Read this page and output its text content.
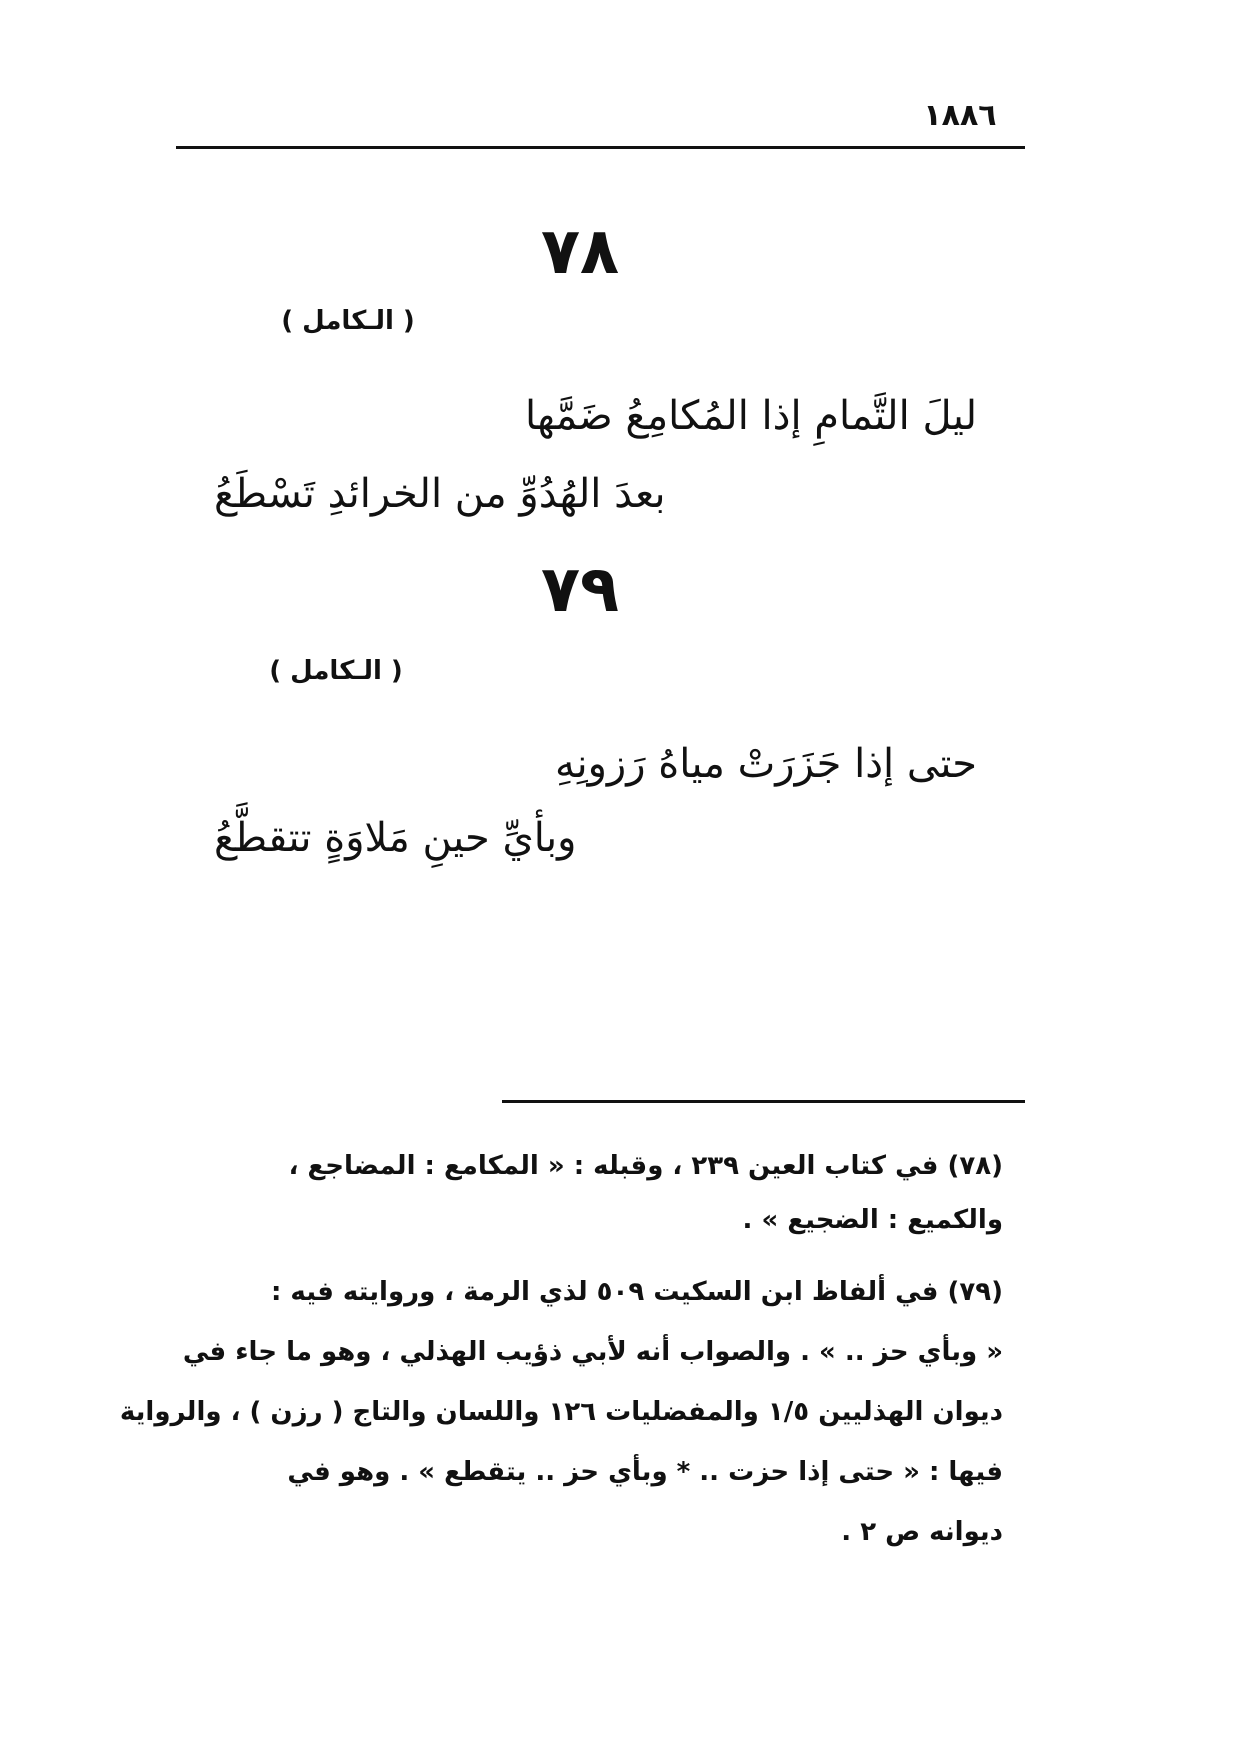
١٨٨٦
٧٨
( الـكامل )
ليلَ التَّمامِ إذا المُكامِعُ ضَمَّها
بعدَ الهُدُوِّ من الخرائدِ تَسْطَعُ
٧٩
( الـكامل )
حتى إذا جَزَرَتْ مياهُ رَزونِهِ
وبأيِّ حينِ مَلاوَةٍ تتقطَّعُ
(٧٨) في كتاب العين ٢٣٩ ، وقبله : « المكامع : المضاجع ،
والكميع : الضجيع » .
(٧٩) في ألفاظ ابن السكيت ٥٠٩ لذي الرمة ، وروايته فيه :
« وبأي حز .. » . والصواب أنه لأبي ذؤيب الهذلي ، وهو ما جاء في
ديوان الهذليين ١/٥ والمفضليات ١٢٦ واللسان والتاج ( رزن ) ، والرواية
فيها : « حتى إذا حزت .. * وبأي حز .. يتقطع » . وهو في
ديوانه ص ٢ .
